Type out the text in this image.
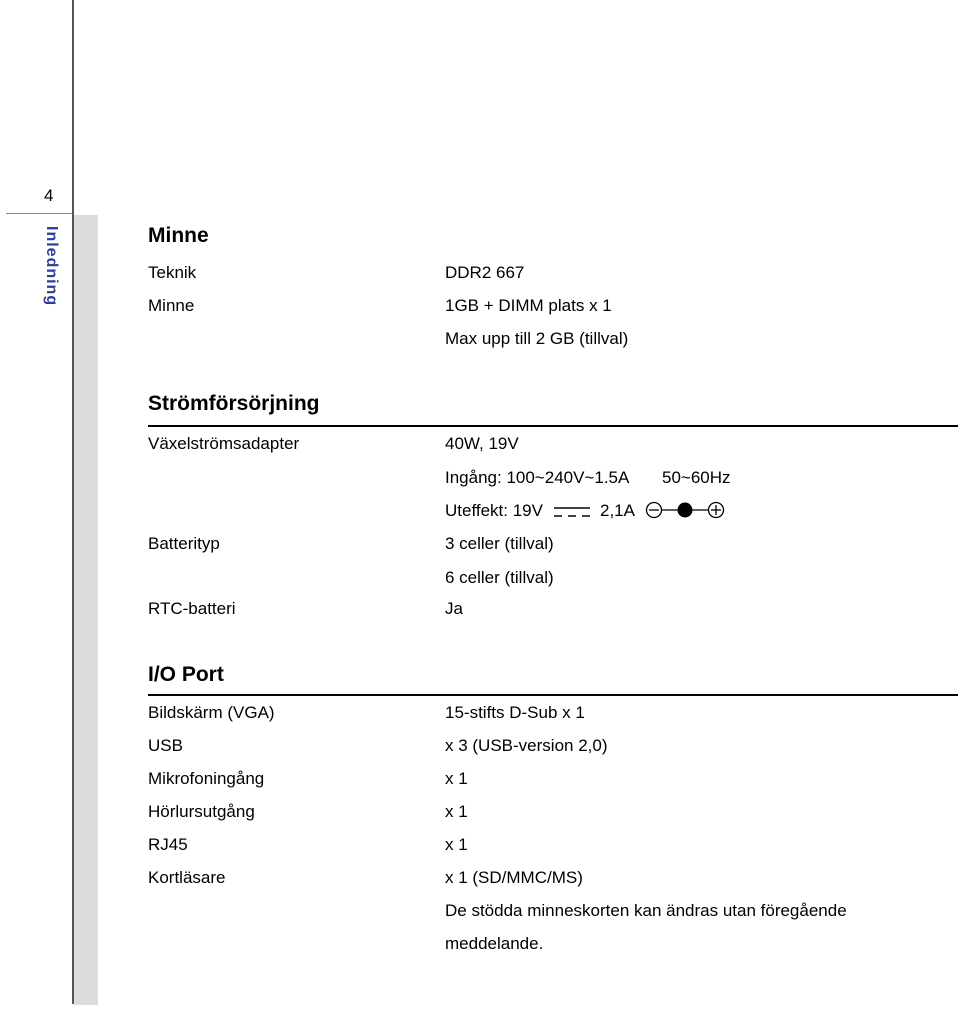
4
Inledning	Minne
Teknik	DDR2 667
Minne	1GB + DIMM plats x 1
Max upp till 2 GB (tillval)
Strömförsörjning
Växelströmsadapter	40W, 19V
Ingång: 100~240V~1.5A 50~60Hz
Uteffekt: 19V	2,1A
Batterityp	3 celler (tillval)
6 celler (tillval)
RTC-batteri	Ja
I/O Port
Bildskärm (VGA)	15-stifts D-Sub x 1
USB	x 3 (USB-version 2,0)
Mikrofoningång	x 1
Hörlursutgång	x 1
RJ45	x 1
Kortläsare	x 1 (SD/MMC/MS)
De stödda minneskorten kan ändras utan föregående
meddelande.
